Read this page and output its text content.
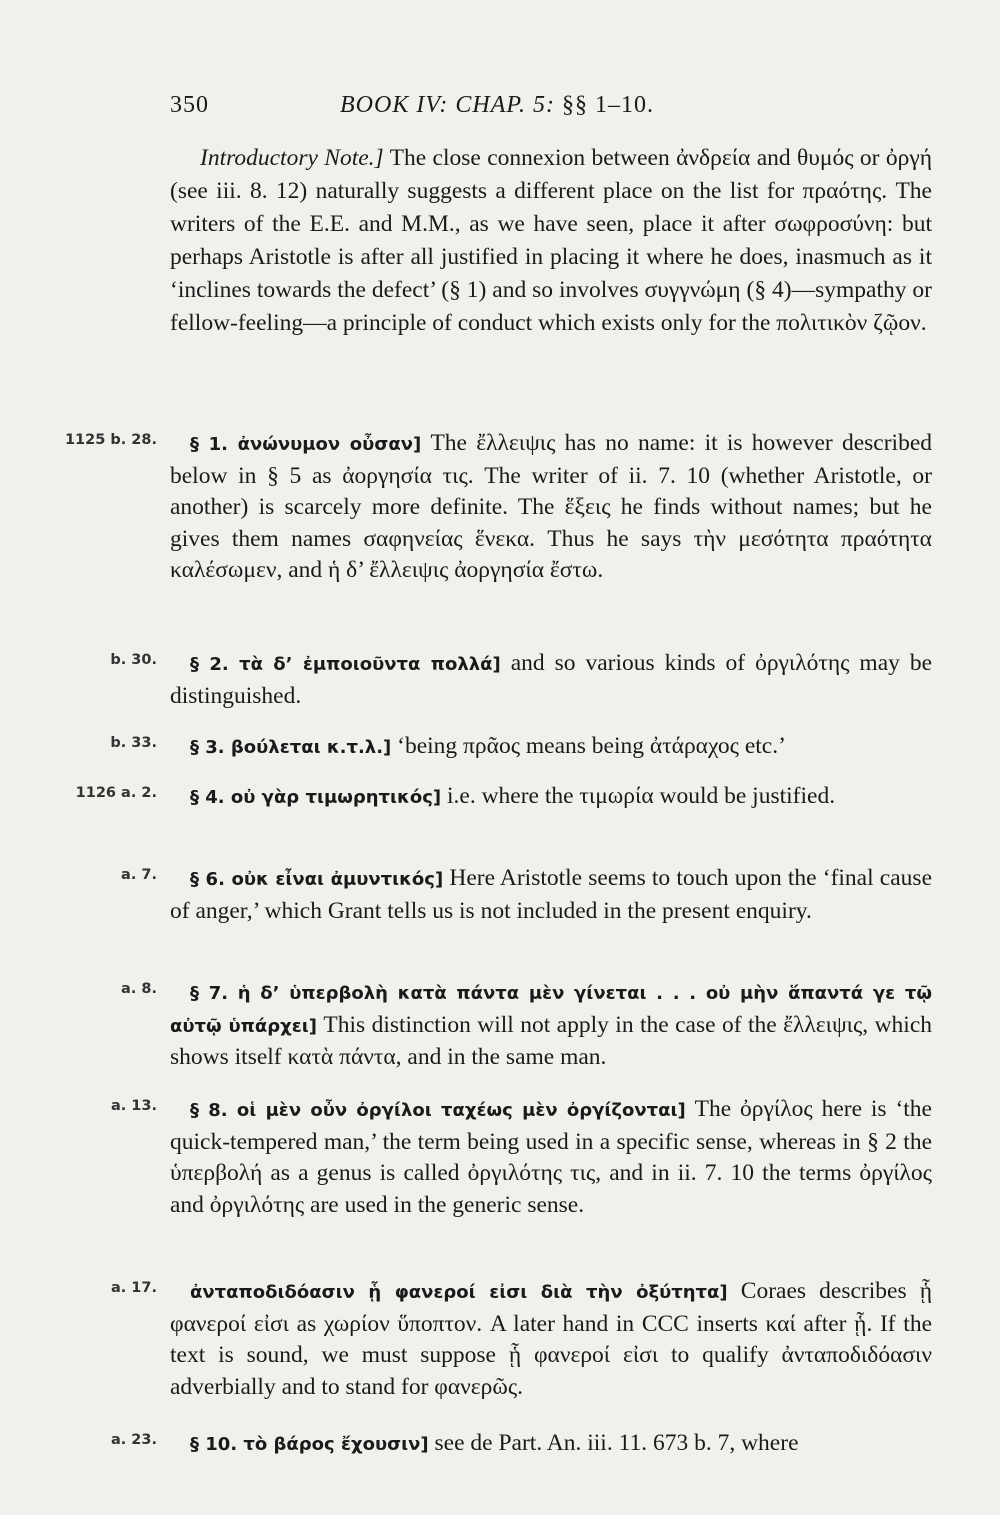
350	BOOK IV: CHAP. 5: §§ 1–10.

Introductory Note.] The close connexion between ἀνδρεία and θυμός or ὀργή (see iii. 8. 12) naturally suggests a different place on the list for πραότης. The writers of the E.E. and M.M., as we have seen, place it after σωφροσύνη: but perhaps Aristotle is after all justified in placing it where he does, inasmuch as it ‘inclines towards the defect’ (§ 1) and so involves συγγνώμη (§ 4)—sympathy or fellow-feeling—a principle of conduct which exists only for the πολιτικὸν ζῷον.

1125 b. 28.	§ 1. ἀνώνυμον οὖσαν] The ἔλλειψις has no name: it is however described below in § 5 as ἀοργησία τις. The writer of ii. 7. 10 (whether Aristotle, or another) is scarcely more definite. The ἕξεις he finds without names; but he gives them names σαφηνείας ἕνεκα. Thus he says τὴν μεσότητα πραότητα καλέσωμεν, and ἡ δ’ ἔλλειψις ἀοργησία ἔστω.

b. 30.	§ 2. τὰ δ’ ἐμποιοῦντα πολλά] and so various kinds of ὀργιλότης may be distinguished.

b. 33.	§ 3. βούλεται κ.τ.λ.] ‘being πρᾶος means being ἀτάραχος etc.’

1126 a. 2.	§ 4. οὐ γὰρ τιμωρητικός] i.e. where the τιμωρία would be justified.

a. 7.	§ 6. οὐκ εἶναι ἀμυντικός] Here Aristotle seems to touch upon the ‘final cause of anger,’ which Grant tells us is not included in the present enquiry.

a. 8.	§ 7. ἡ δ’ ὑπερβολὴ κατὰ πάντα μὲν γίνεται . . . οὐ μὴν ἅπαντά γε τῷ αὐτῷ ὑπάρχει] This distinction will not apply in the case of the ἔλλειψις, which shows itself κατὰ πάντα, and in the same man.

a. 13.	§ 8. οἱ μὲν οὖν ὀργίλοι ταχέως μὲν ὀργίζονται] The ὀργίλος here is ‘the quick-tempered man,’ the term being used in a specific sense, whereas in § 2 the ὑπερβολή as a genus is called ὀργιλότης τις, and in ii. 7. 10 the terms ὀργίλος and ὀργιλότης are used in the generic sense.

a. 17.	ἀνταποδιδόασιν ᾗ φανεροί εἰσι διὰ τὴν ὀξύτητα] Coraes describes ᾗ φανεροί εἰσι as χωρίον ὕποπτον. A later hand in CCC inserts καί after ᾗ. If the text is sound, we must suppose ᾗ φανεροί εἰσι to qualify ἀνταποδιδόασιν adverbially and to stand for φανερῶς.

a. 23.	§ 10. τὸ βάρος ἔχουσιν] see de Part. An. iii. 11. 673 b. 7, where
